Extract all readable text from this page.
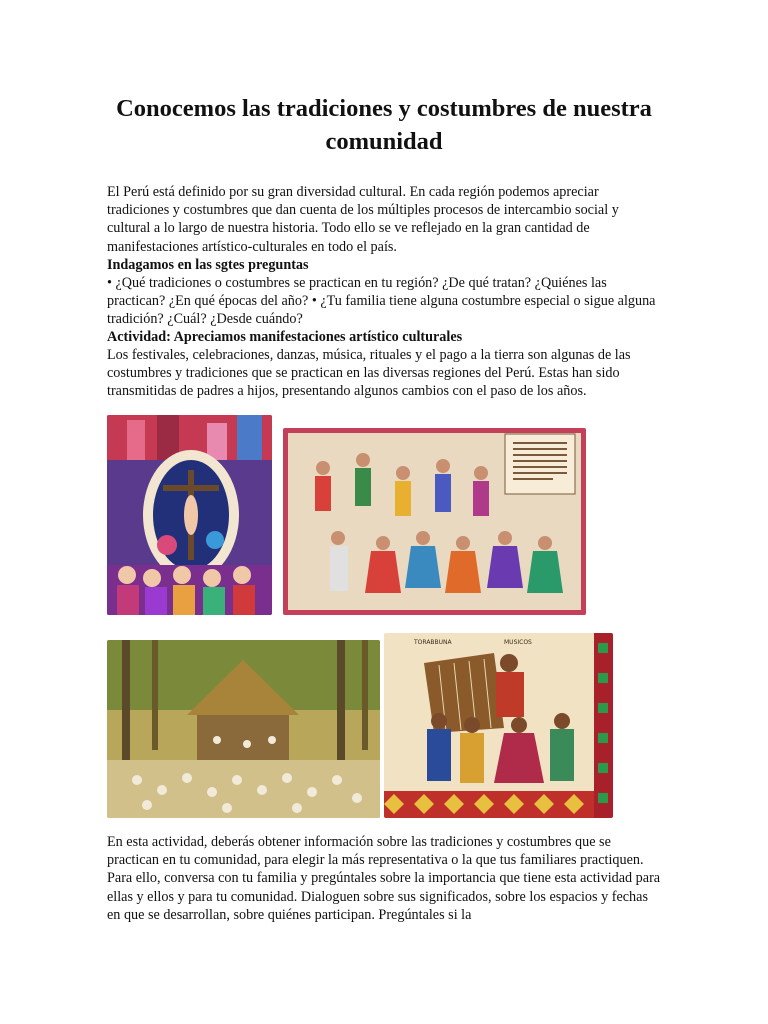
Conocemos las tradiciones y costumbres de nuestra comunidad

El Perú está definido por su gran diversidad cultural. En cada región podemos apreciar tradiciones y costumbres que dan cuenta de los múltiples procesos de intercambio social y cultural a lo largo de nuestra historia. Todo ello se ve reflejado en la gran cantidad de manifestaciones artístico-culturales en todo el país.

Indagamos en las sgtes preguntas

• ¿Qué tradiciones o costumbres se practican en tu región? ¿De qué tratan? ¿Quiénes las practican? ¿En qué épocas del año? • ¿Tu familia tiene alguna costumbre especial o sigue alguna tradición? ¿Cuál? ¿Desde cuándo?

Actividad: Apreciamos manifestaciones artístico culturales

Los festivales, celebraciones, danzas, música, rituales y el pago a la tierra son algunas de las costumbres y tradiciones que se practican en las diversas regiones del Perú. Estas han sido transmitidas de padres a hijos, presentando algunos cambios con el paso de los años.

TORABBUNA	MUSICOS

En esta actividad, deberás obtener información sobre las tradiciones y costumbres que se practican en tu comunidad, para elegir la más representativa o la que tus familiares practiquen. Para ello, conversa con tu familia y pregúntales sobre la importancia que tiene esta actividad para ellas y ellos y para tu comunidad. Dialoguen sobre sus significados, sobre los espacios y fechas en que se desarrollan, sobre quiénes participan. Pregúntales si la
